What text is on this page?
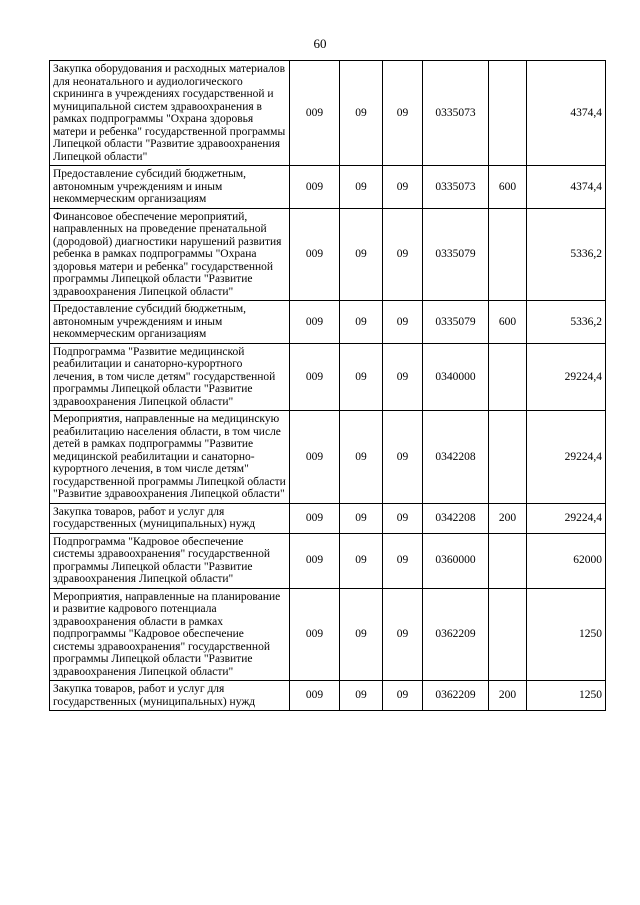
60
Закупка оборудования и расходных материалов для неонатального и аудиологического скрининга в учреждениях государственной и муниципальной систем здравоохранения в рамках подпрограммы "Охрана здоровья матери и ребенка" государственной программы Липецкой области "Развитие здравоохранения Липецкой области"	009	09	09	0335073		4374,4
Предоставление субсидий бюджетным, автономным учреждениям и иным некоммерческим организациям	009	09	09	0335073	600	4374,4
Финансовое обеспечение мероприятий, направленных на проведение пренатальной (дородовой) диагностики нарушений развития ребенка в рамках подпрограммы "Охрана здоровья матери и ребенка" государственной программы Липецкой области "Развитие здравоохранения Липецкой области"	009	09	09	0335079		5336,2
Предоставление субсидий бюджетным, автономным учреждениям и иным некоммерческим организациям	009	09	09	0335079	600	5336,2
Подпрограмма "Развитие медицинской реабилитации и санаторно-курортного лечения, в том числе детям" государственной программы Липецкой области "Развитие здравоохранения Липецкой области"	009	09	09	0340000		29224,4
Мероприятия, направленные на медицинскую реабилитацию населения области, в том числе детей в рамках подпрограммы "Развитие медицинской реабилитации и санаторно-курортного лечения, в том числе детям" государственной программы Липецкой области "Развитие здравоохранения Липецкой области"	009	09	09	0342208		29224,4
Закупка товаров, работ и услуг для государственных (муниципальных) нужд	009	09	09	0342208	200	29224,4
Подпрограмма "Кадровое обеспечение системы здравоохранения" государственной программы Липецкой области "Развитие здравоохранения Липецкой области"	009	09	09	0360000		62000
Мероприятия, направленные на планирование и развитие кадрового потенциала здравоохранения области в рамках подпрограммы "Кадровое обеспечение системы здравоохранения" государственной программы Липецкой области "Развитие здравоохранения Липецкой области"	009	09	09	0362209		1250
Закупка товаров, работ и услуг для государственных (муниципальных) нужд	009	09	09	0362209	200	1250
